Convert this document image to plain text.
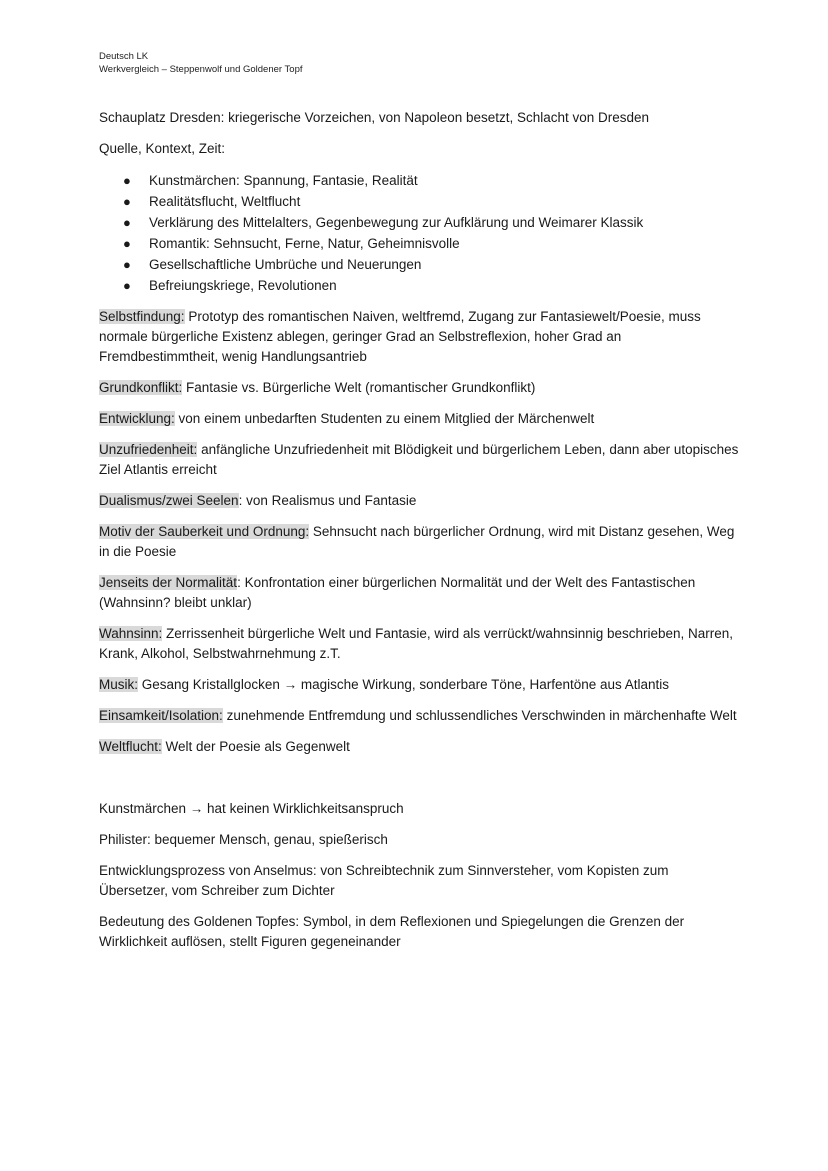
Deutsch LK
Werkvergleich – Steppenwolf und Goldener Topf

Schauplatz Dresden: kriegerische Vorzeichen, von Napoleon besetzt, Schlacht von Dresden

Quelle, Kontext, Zeit:

● Kunstmärchen: Spannung, Fantasie, Realität
● Realitätsflucht, Weltflucht
● Verklärung des Mittelalters, Gegenbewegung zur Aufklärung und Weimarer Klassik
● Romantik: Sehnsucht, Ferne, Natur, Geheimnisvolle
● Gesellschaftliche Umbrüche und Neuerungen
● Befreiungskriege, Revolutionen

Selbstfindung: Prototyp des romantischen Naiven, weltfremd, Zugang zur Fantasiewelt/Poesie, muss normale bürgerliche Existenz ablegen, geringer Grad an Selbstreflexion, hoher Grad an Fremdbestimmtheit, wenig Handlungsantrieb

Grundkonflikt: Fantasie vs. Bürgerliche Welt (romantischer Grundkonflikt)

Entwicklung: von einem unbedarften Studenten zu einem Mitglied der Märchenwelt

Unzufriedenheit: anfängliche Unzufriedenheit mit Blödigkeit und bürgerlichem Leben, dann aber utopisches Ziel Atlantis erreicht

Dualismus/zwei Seelen: von Realismus und Fantasie

Motiv der Sauberkeit und Ordnung: Sehnsucht nach bürgerlicher Ordnung, wird mit Distanz gesehen, Weg in die Poesie

Jenseits der Normalität: Konfrontation einer bürgerlichen Normalität und der Welt des Fantastischen (Wahnsinn? bleibt unklar)

Wahnsinn: Zerrissenheit bürgerliche Welt und Fantasie, wird als verrückt/wahnsinnig beschrieben, Narren, Krank, Alkohol, Selbstwahrnehmung z.T.

Musik: Gesang Kristallglocken → magische Wirkung, sonderbare Töne, Harfentöne aus Atlantis

Einsamkeit/Isolation: zunehmende Entfremdung und schlussendliches Verschwinden in märchenhafte Welt

Weltflucht: Welt der Poesie als Gegenwelt

Kunstmärchen → hat keinen Wirklichkeitsanspruch

Philister: bequemer Mensch, genau, spießerisch

Entwicklungsprozess von Anselmus: von Schreibtechnik zum Sinnversteher, vom Kopisten zum Übersetzer, vom Schreiber zum Dichter

Bedeutung des Goldenen Topfes: Symbol, in dem Reflexionen und Spiegelungen die Grenzen der Wirklichkeit auflösen, stellt Figuren gegeneinander
